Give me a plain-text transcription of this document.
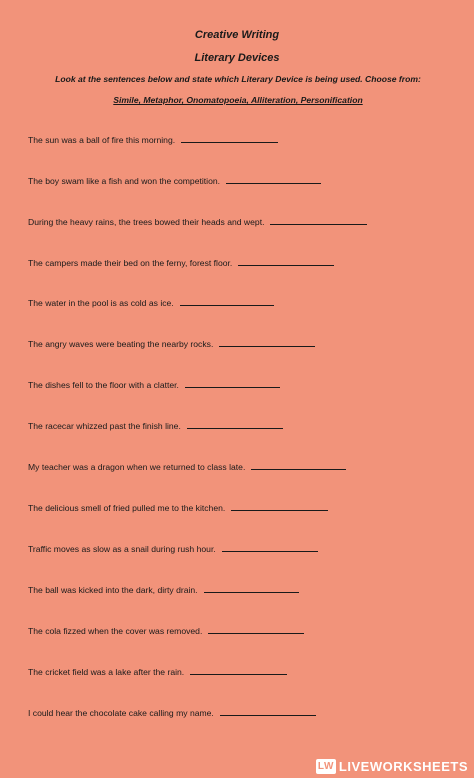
Creative Writing
Literary Devices
Look at the sentences below and state which Literary Device is being used. Choose from:
Simile, Metaphor, Onomatopoeia, Alliteration, Personification
The sun was a ball of fire this morning.
The boy swam like a fish and won the competition.
During the heavy rains, the trees bowed their heads and wept.
The campers made their bed on the ferny, forest floor.
The water in the pool is as cold as ice.
The angry waves were beating the nearby rocks.
The dishes fell to the floor with a clatter.
The racecar whizzed past the finish line.
My teacher was a dragon when we returned to class late.
The delicious smell of fried pulled me to the kitchen.
Traffic moves as slow as a snail during rush hour.
The ball was kicked into the dark, dirty drain.
The cola fizzed when the cover was removed.
The cricket field was a lake after the rain.
I could hear the chocolate cake calling my name.
LW LIVEWORKSHEETS
